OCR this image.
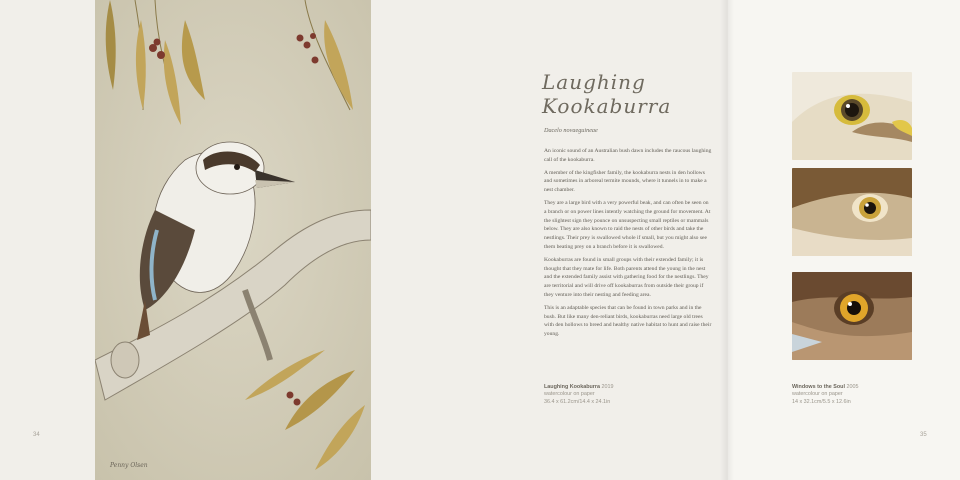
Penny Olsen
Laughing
Kookaburra
Dacelo novaeguineae

An iconic sound of an Australian bush dawn includes the raucous laughing call of the kookaburra.

A member of the kingfisher family, the kookaburra nests in den hollows and sometimes in arboreal termite mounds, where it tunnels in to make a nest chamber.

They are a large bird with a very powerful beak, and can often be seen on a branch or on power lines intently watching the ground for movement. At the slightest sign they pounce on unsuspecting small reptiles or mammals below. They are also known to raid the nests of other birds and take the nestlings. Their prey is swallowed whole if small, but you might also see them beating prey on a branch before it is swallowed.

Kookaburras are found in small groups with their extended family; it is thought that they mate for life. Both parents attend the young in the nest and the extended family assist with gathering food for the nestlings. They are territorial and will drive off kookaburras from outside their group if they venture into their nesting and feeding area.

This is an adaptable species that can be found in town parks and in the bush. But like many den-reliant birds, kookaburras need large old trees with den hollows to breed and healthy native habitat to hunt and raise their young.

Laughing Kookaburra 2019
watercolour on paper
36.4 x 61.2cm/14.4 x 24.1in
34	35
Windows to the Soul 2005
watercolour on paper
14 x 32.1cm/5.5 x 12.6in
